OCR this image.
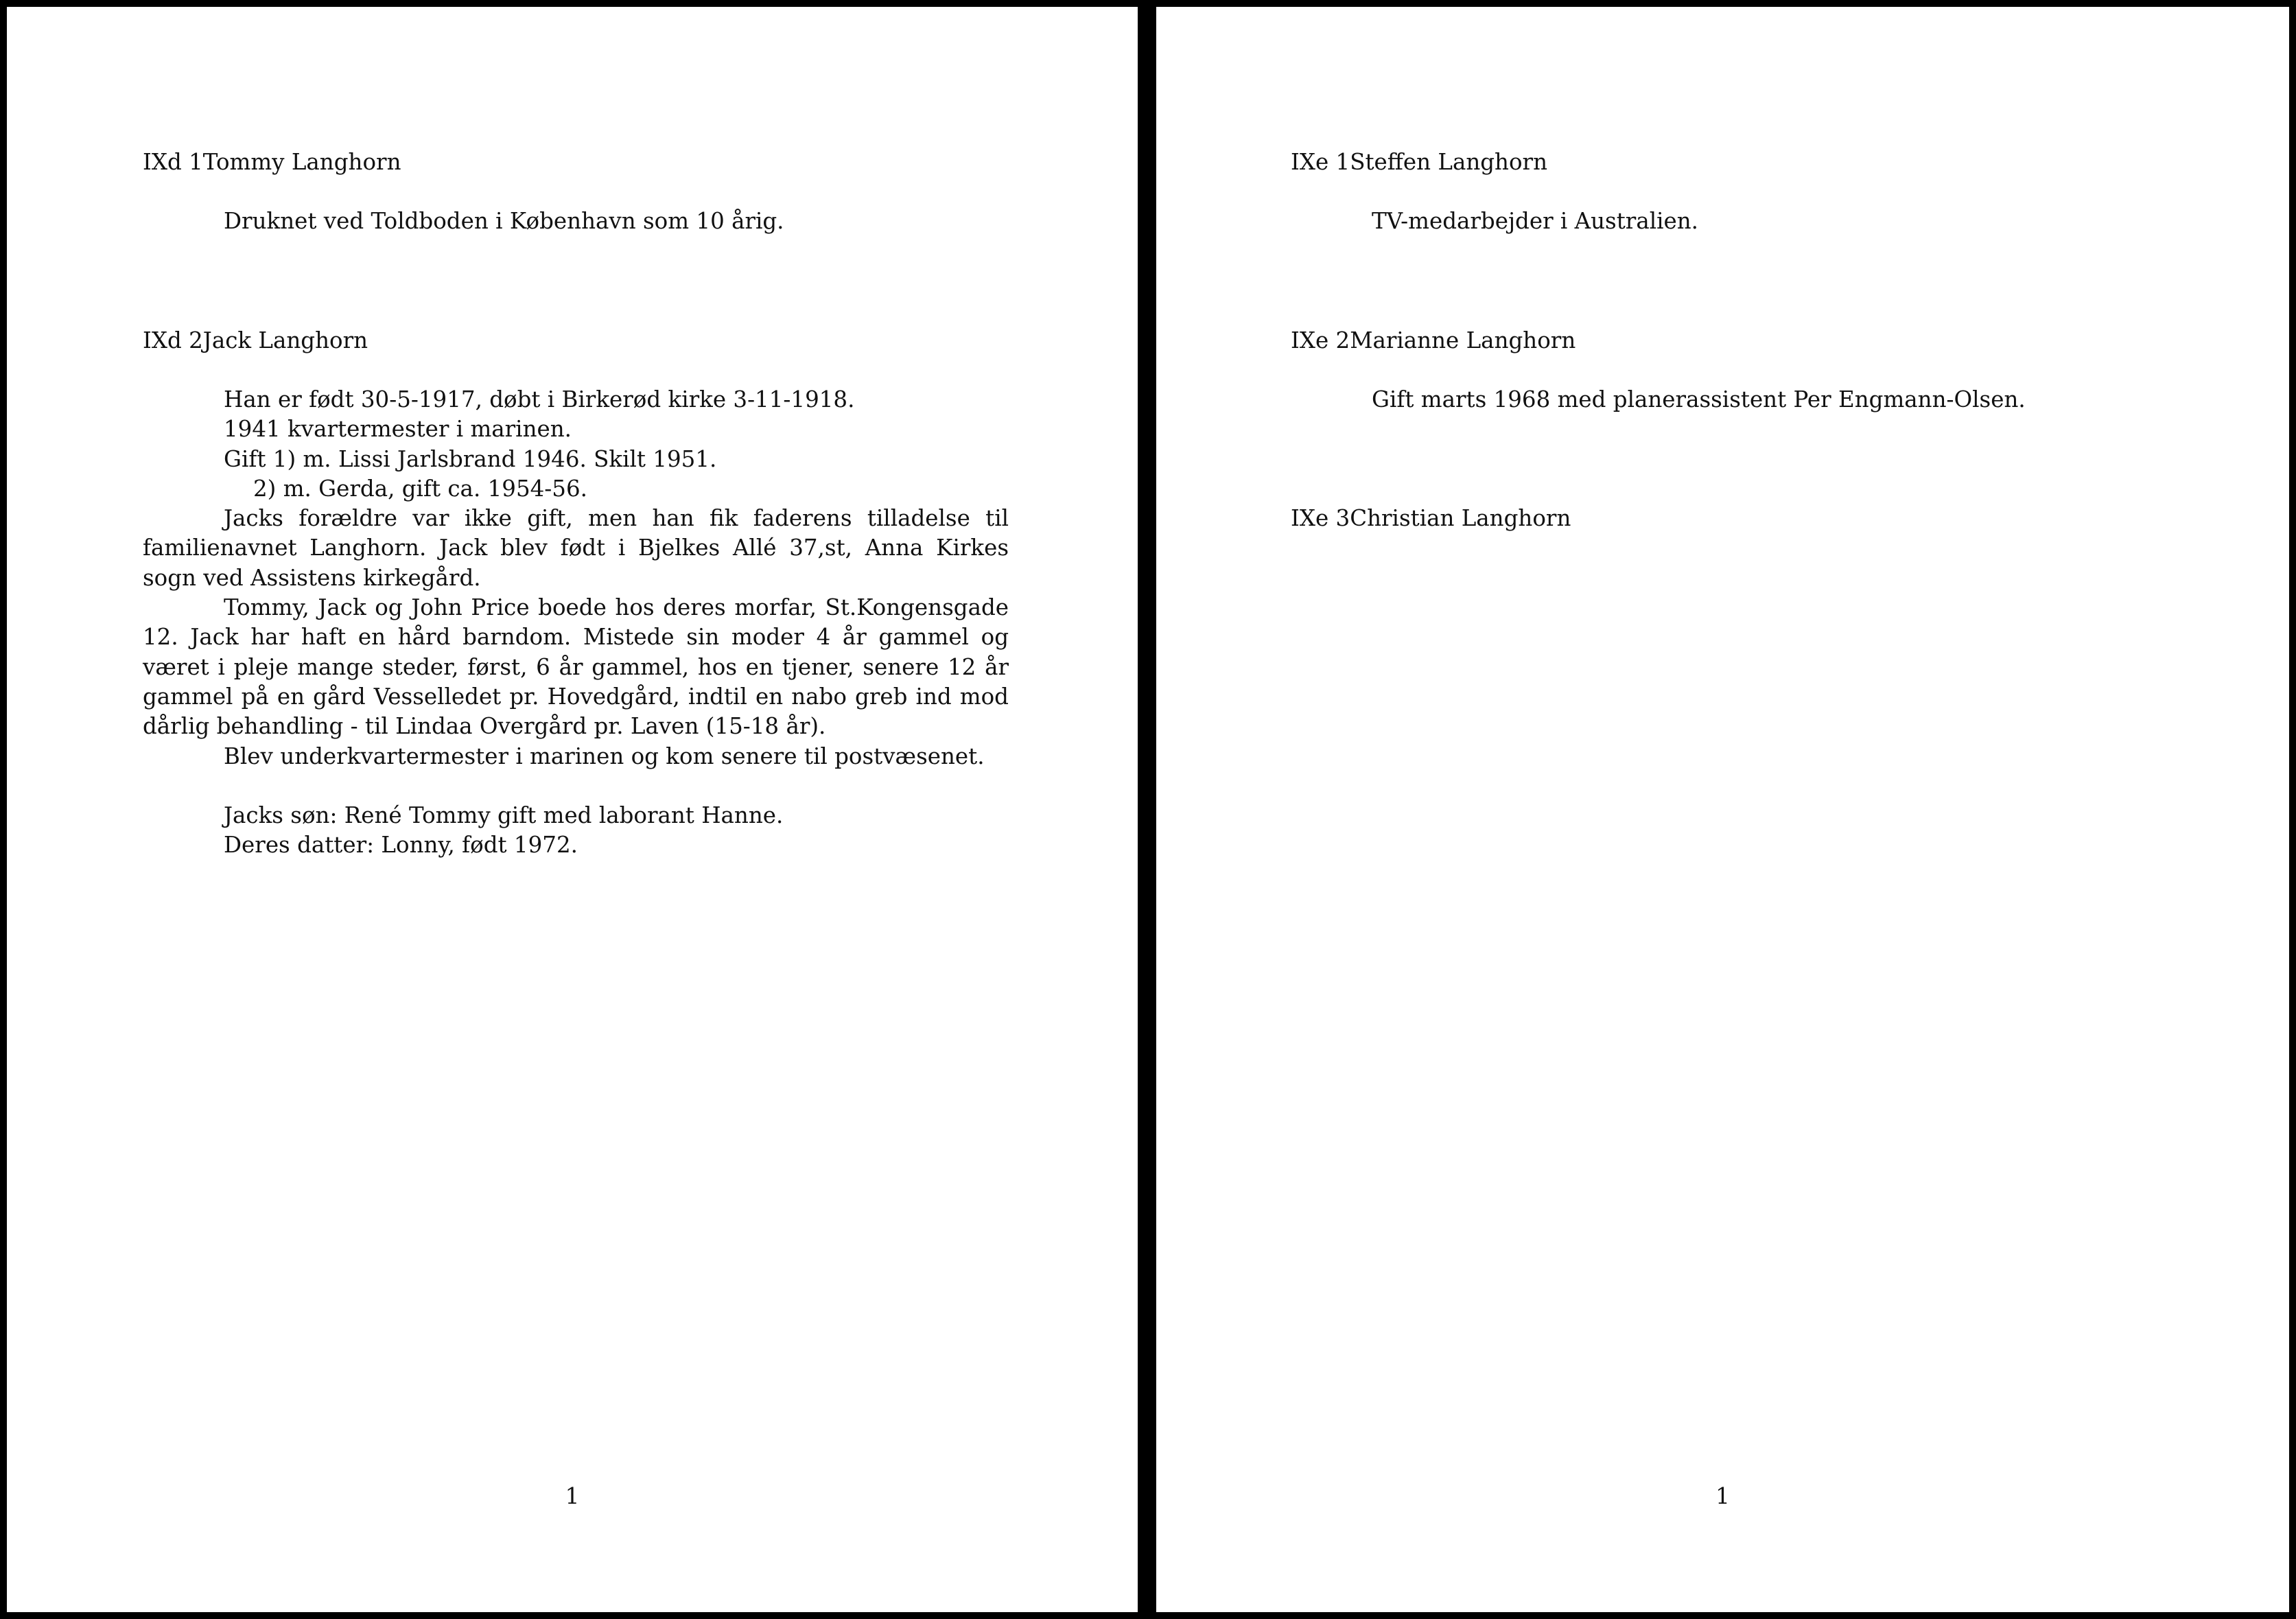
IXd 1Tommy Langhorn

Druknet ved Toldboden i København som 10 årig.

IXd 2Jack Langhorn

Han er født 30-5-1917, døbt i Birkerød kirke 3-11-1918.

1941 kvartermester i marinen.

Gift 1) m. Lissi Jarlsbrand 1946. Skilt 1951.

2) m. Gerda, gift ca. 1954-56.

Jacks forældre var ikke gift, men han fik faderens tilladelse til familienavnet Langhorn. Jack blev født i Bjelkes Allé 37,st, Anna Kirkes sogn ved Assistens kirkegård.

Tommy, Jack og John Price boede hos deres morfar, St.Kongensgade 12. Jack har haft en hård barndom. Mistede sin moder 4 år gammel og været i pleje mange steder, først, 6 år gammel, hos en tjener, senere 12 år gammel på en gård Vesselledet pr. Hovedgård, indtil en nabo greb ind mod dårlig behandling - til Lindaa Overgård pr. Laven (15-18 år).

Blev underkvartermester i marinen og kom senere til postvæsenet.

Jacks søn: René Tommy gift med laborant Hanne.

Deres datter: Lonny, født 1972.

1

IXe 1Steffen Langhorn

TV-medarbejder i Australien.

IXe 2Marianne Langhorn

Gift marts 1968 med planerassistent Per Engmann-Olsen.

IXe 3Christian Langhorn

1
